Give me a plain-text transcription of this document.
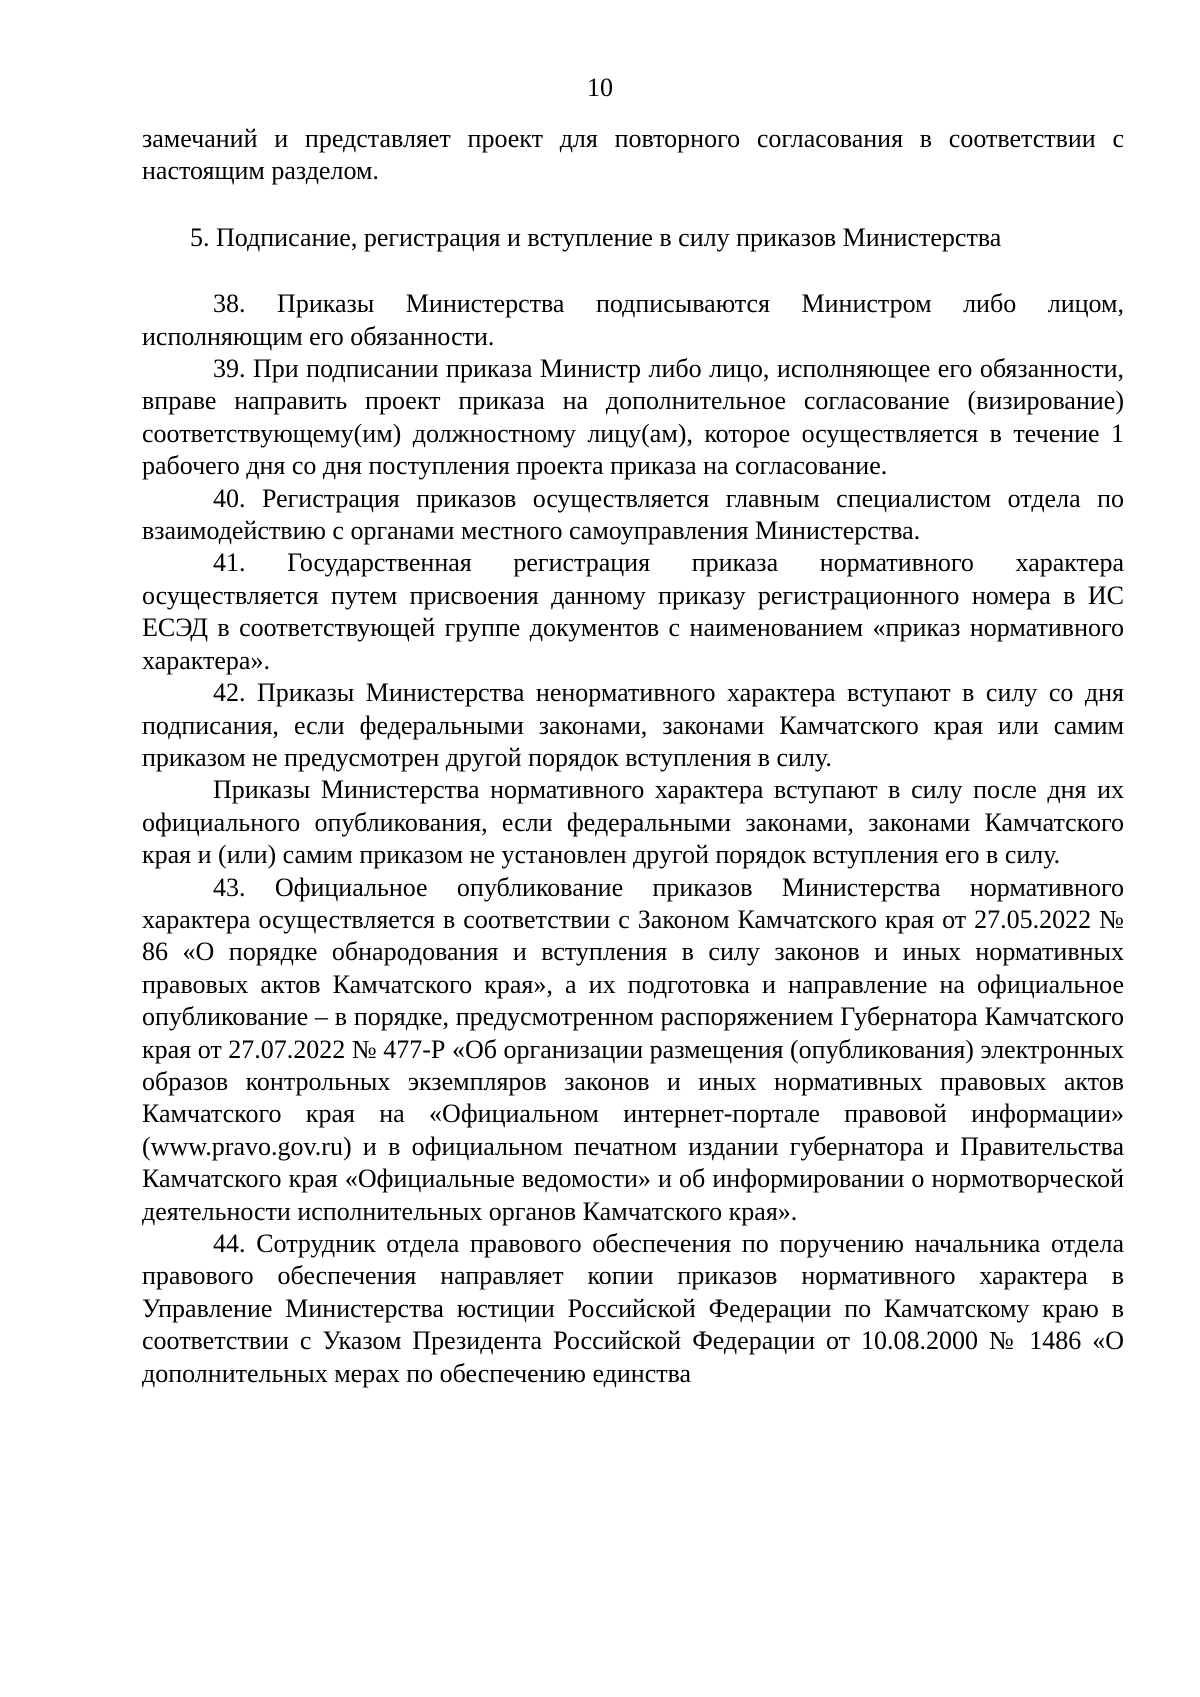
10

замечаний и представляет проект для повторного согласования в соответствии с настоящим разделом.

5. Подписание, регистрация и вступление в силу приказов Министерства

38. Приказы Министерства подписываются Министром либо лицом, исполняющим его обязанности.

39. При подписании приказа Министр либо лицо, исполняющее его обязанности, вправе направить проект приказа на дополнительное согласование (визирование) соответствующему(им) должностному лицу(ам), которое осуществляется в течение 1 рабочего дня со дня поступления проекта приказа на согласование.

40. Регистрация приказов осуществляется главным специалистом отдела по взаимодействию с органами местного самоуправления Министерства.

41. Государственная регистрация приказа нормативного характера осуществляется путем присвоения данному приказу регистрационного номера в ИС ЕСЭД в соответствующей группе документов с наименованием «приказ нормативного характера».

42. Приказы Министерства ненормативного характера вступают в силу со дня подписания, если федеральными законами, законами Камчатского края или самим приказом не предусмотрен другой порядок вступления в силу.

Приказы Министерства нормативного характера вступают в силу после дня их официального опубликования, если федеральными законами, законами Камчатского края и (или) самим приказом не установлен другой порядок вступления его в силу.

43. Официальное опубликование приказов Министерства нормативного характера осуществляется в соответствии с Законом Камчатского края от 27.05.2022 № 86 «О порядке обнародования и вступления в силу законов и иных нормативных правовых актов Камчатского края», а их подготовка и направление на официальное опубликование – в порядке, предусмотренном распоряжением Губернатора Камчатского края от 27.07.2022 № 477-Р «Об организации размещения (опубликования) электронных образов контрольных экземпляров законов и иных нормативных правовых актов Камчатского края на «Официальном интернет-портале правовой информации» (www.pravo.gov.ru) и в официальном печатном издании губернатора и Правительства Камчатского края «Официальные ведомости» и об информировании о нормотворческой деятельности исполнительных органов Камчатского края».

44. Сотрудник отдела правового обеспечения по поручению начальника отдела правового обеспечения направляет копии приказов нормативного характера в Управление Министерства юстиции Российской Федерации по Камчатскому краю в соответствии с Указом Президента Российской Федерации от 10.08.2000 № 1486 «О дополнительных мерах по обеспечению единства
